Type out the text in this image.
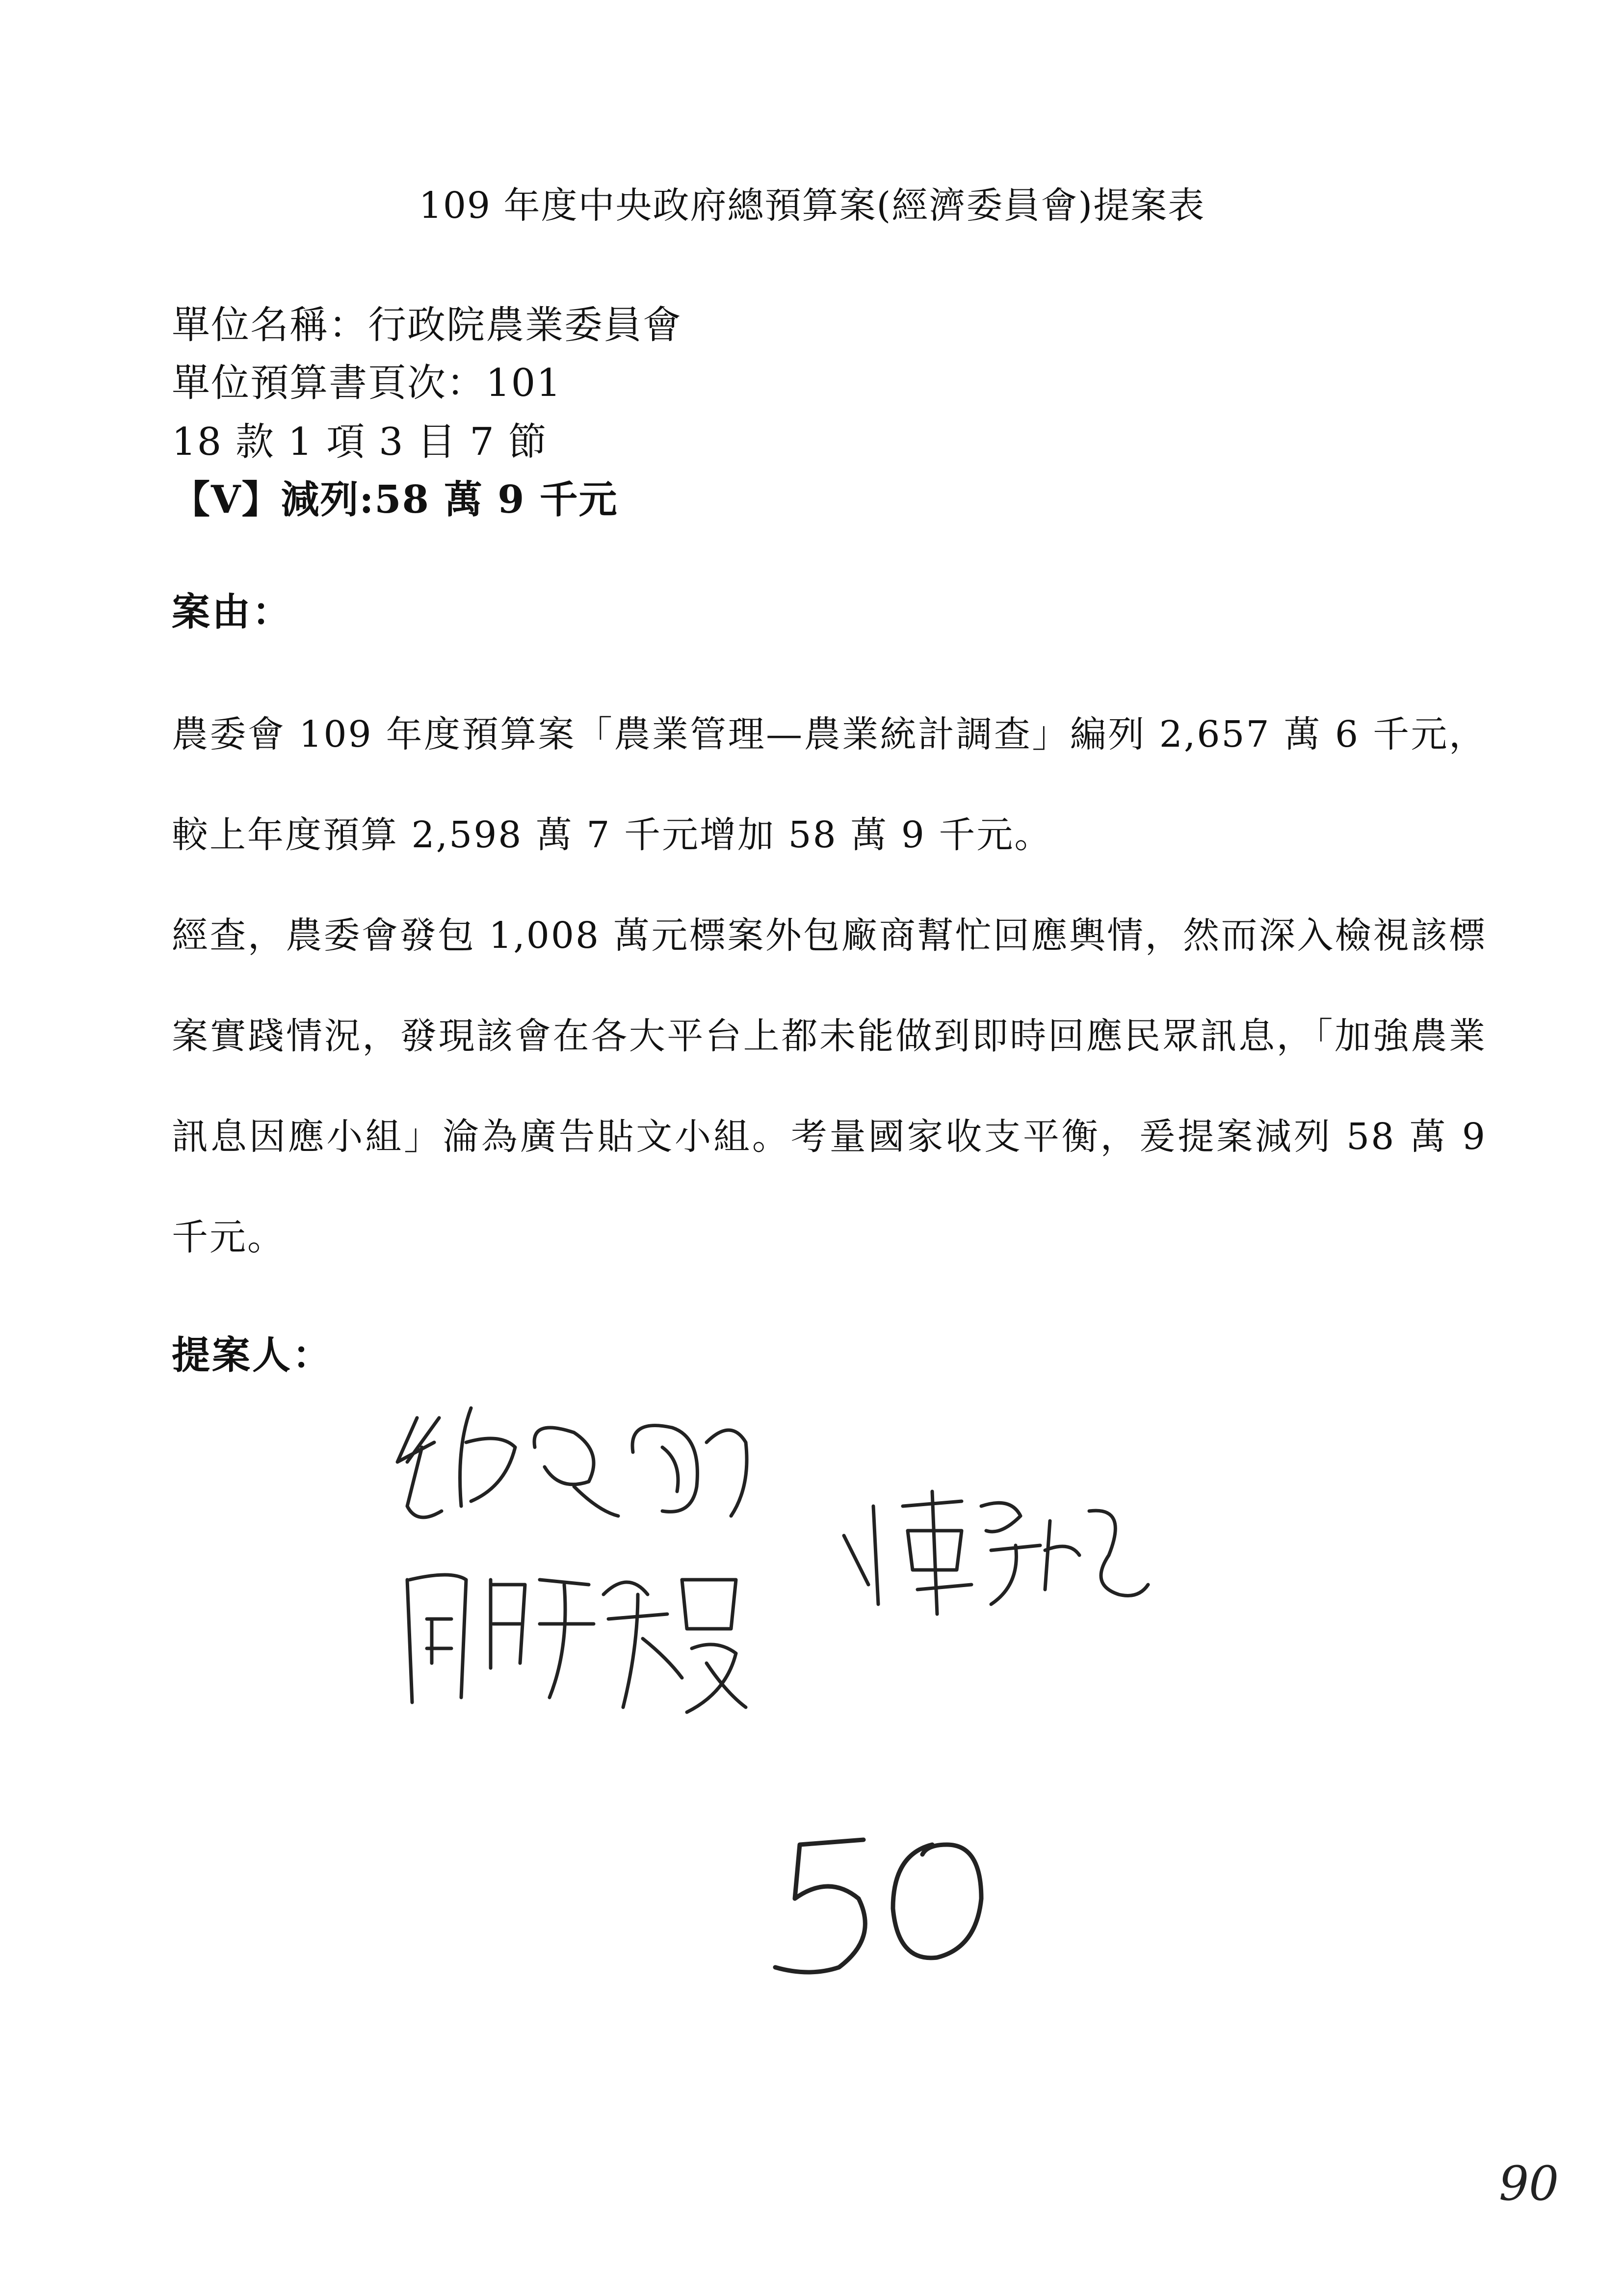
109 年度中央政府總預算案(經濟委員會)提案表
單位名稱：行政院農業委員會
單位預算書頁次：101
18 款 1 項 3 目 7 節
【V】減列:58 萬 9 千元
案由：
農委會 109 年度預算案「農業管理—農業統計調查」編列 2,657 萬 6 千元，較上年度預算 2,598 萬 7 千元增加 58 萬 9 千元。
經查，農委會發包 1,008 萬元標案外包廠商幫忙回應輿情，然而深入檢視該標案實踐情況，發現該會在各大平台上都未能做到即時回應民眾訊息，「加強農業訊息因應小組」淪為廣告貼文小組。考量國家收支平衡，爰提案減列 58 萬 9 千元。
提案人：
90
